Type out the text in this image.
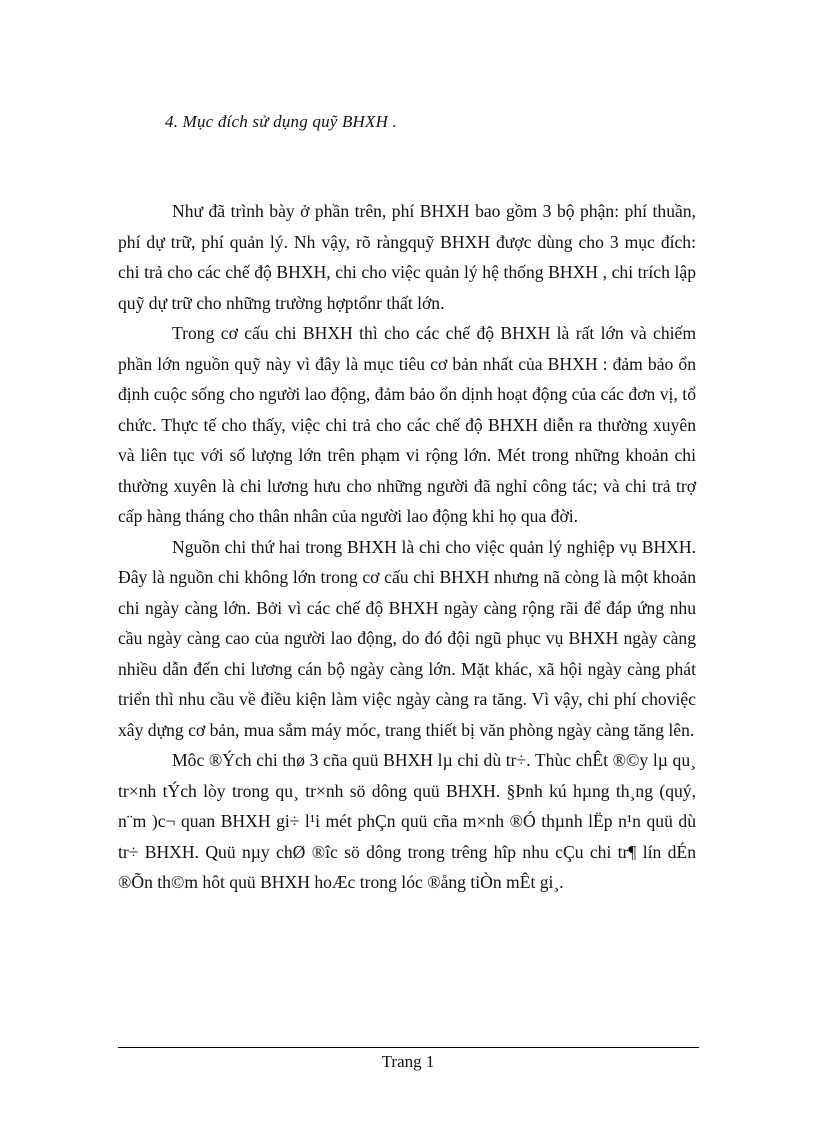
4. Mục đích sử dụng quỹ BHXH .

Như đã trình bày ở phần trên, phí BHXH bao gồm 3 bộ phận: phí thuần, phí dự trữ, phí quản lý. Nh vậy, rõ ràngquỹ BHXH được dùng cho 3 mục đích: chi trả cho các chế độ BHXH, chi cho việc quản lý hệ thống BHXH , chi trích lập quỹ dự trữ cho những trường hợptổnr thất lớn.

Trong cơ cấu chi BHXH thì cho các chế độ BHXH là rất lớn và chiếm phần lớn nguồn quỹ này vì đây là mục tiêu cơ bản nhất của BHXH : đảm bảo ổn định cuộc sống cho người lao động, đảm bảo ổn dịnh hoạt động của các đơn vị, tổ chức. Thực tế cho thấy, việc chi trả cho các chế độ BHXH diễn ra thường xuyên và liên tục với số lượng lớn trên phạm vi rộng lớn. Mét trong những khoản chi thường xuyên là chi lương hưu cho những người đã nghỉ công tác; và chi trả trợ cấp hàng tháng cho thân nhân của người lao động khi họ qua đời.

Nguồn chi thứ hai trong BHXH là chi cho việc quản lý nghiệp vụ BHXH. Đây là nguồn chi không lớn trong cơ cấu chi BHXH nhưng nã còng là một khoản chi ngày càng lớn. Bởi vì các chế độ BHXH ngày càng rộng rãi để đáp ứng nhu cầu ngày càng cao của người lao động, do đó đội ngũ phục vụ BHXH ngày càng nhiều dẫn đến chi lương cán bộ ngày càng lớn. Mặt khác, xã hội ngày càng phát triển thì nhu cầu về điều kiện làm việc ngày càng ra tăng. Vì vậy, chi phí choviệc xây dựng cơ bản, mua sắm máy móc, trang thiết bị văn phòng ngày càng tăng lên.

Môc ®Ých chi thø 3 cña quü BHXH lµ chi dù tr÷. Thùc chÊt ®©y lµ qu¸ tr×nh tÝch lòy trong qu¸ tr×nh sö dông quü BHXH. §Þnh kú hµng th¸ng (quý, n¨m )c¬ quan BHXH gi÷ l¹i mét phÇn quü cña m×nh ®Ó thµnh lËp n¹n quü dù tr÷ BHXH. Quü nµy chØ ®îc sö dông trong trêng hîp nhu cÇu chi tr¶ lín dÉn ®Õn th©m hôt quü BHXH hoÆc trong lóc ®ång tiÒn mÊt gi¸.

Trang 1
